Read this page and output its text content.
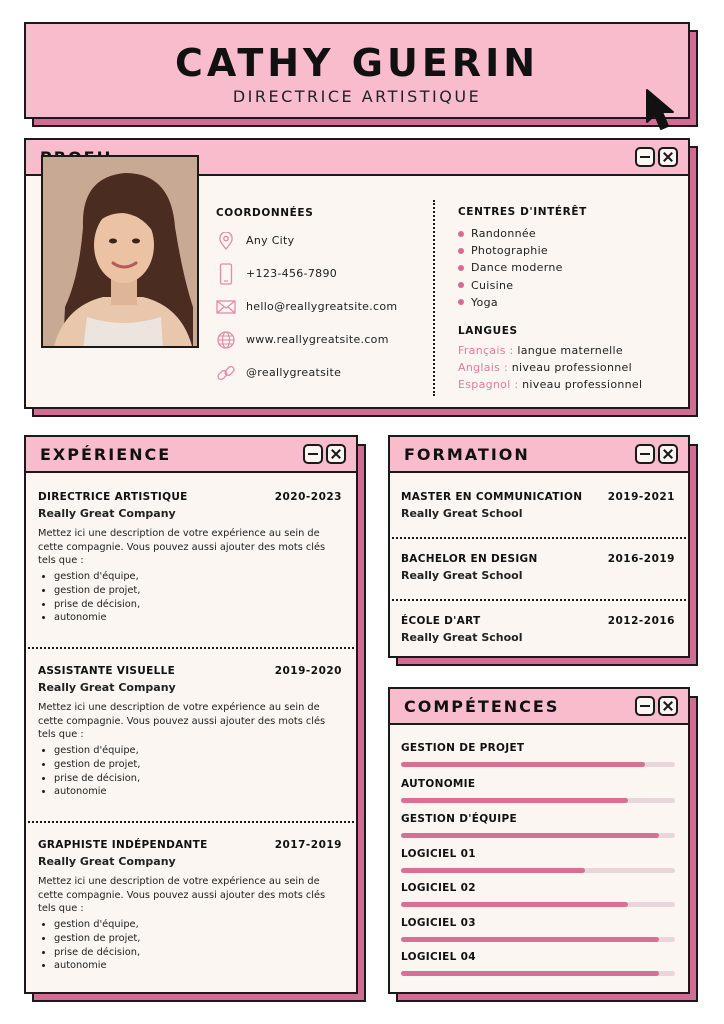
CATHY GUERIN
DIRECTRICE ARTISTIQUE
COORDONNÉES
Any City
+123-456-7890
hello@reallygreatsite.com
www.reallygreatsite.com
@reallygreatsite
CENTRES D'INTÉRÊT
Randonnée
Photographie
Dance moderne
Cuisine
Yoga
LANGUES
Français : langue maternelle
Anglais : niveau professionnel
Espagnol : niveau professionnel
EXPÉRIENCE
DIRECTRICE ARTISTIQUE	2020-2023
Really Great Company
Mettez ici une description de votre expérience au sein de cette compagnie. Vous pouvez aussi ajouter des mots clés tels que :
• gestion d'équipe,
• gestion de projet,
• prise de décision,
• autonomie
ASSISTANTE VISUELLE	2019-2020
Really Great Company
Mettez ici une description de votre expérience au sein de cette compagnie. Vous pouvez aussi ajouter des mots clés tels que :
• gestion d'équipe,
• gestion de projet,
• prise de décision,
• autonomie
GRAPHISTE INDÉPENDANTE	2017-2019
Really Great Company
Mettez ici une description de votre expérience au sein de cette compagnie. Vous pouvez aussi ajouter des mots clés tels que :
• gestion d'équipe,
• gestion de projet,
• prise de décision,
• autonomie
FORMATION
MASTER EN COMMUNICATION	2019-2021
Really Great School
BACHELOR EN DESIGN	2016-2019
Really Great School
ÉCOLE D'ART	2012-2016
Really Great School
COMPÉTENCES
GESTION DE PROJET
AUTONOMIE
GESTION D'ÉQUIPE
LOGICIEL 01
LOGICIEL 02
LOGICIEL 03
LOGICIEL 04
